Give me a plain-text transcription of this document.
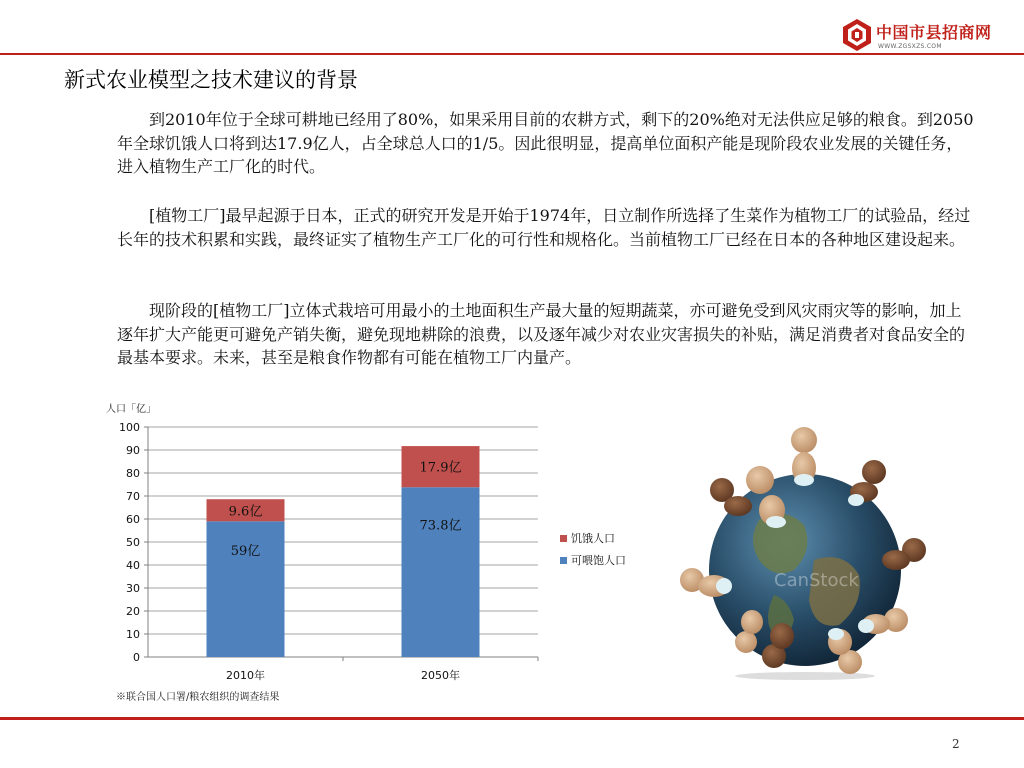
中国市县招商网
WWW.ZGSXZS.COM
新式农业模型之技术建议的背景

到2010年位于全球可耕地已经用了80%，如果采用目前的农耕方式，剩下的20%绝对无法供应足够的粮食。到2050年全球饥饿人口将到达17.9亿人，占全球总人口的1/5。因此很明显，提高单位面积产能是现阶段农业发展的关键任务，进入植物生产工厂化的时代。

[植物工厂]最早起源于日本，正式的研究开发是开始于1974年，日立制作所选择了生菜作为植物工厂的试验品，经过长年的技术积累和实践，最终证实了植物生产工厂化的可行性和规格化。当前植物工厂已经在日本的各种地区建设起来。

现阶段的[植物工厂]立体式栽培可用最小的土地面积生产最大量的短期蔬菜，亦可避免受到风灾雨灾等的影响，加上逐年扩大产能更可避免产销失衡，避免现地耕除的浪费，以及逐年减少对农业灾害损失的补贴，满足消费者对食品安全的最基本要求。未来，甚至是粮食作物都有可能在植物工厂内量产。

人口「亿」
0
10
20
30
40
50
60
70
80
90
100
59亿
9.6亿
2010年
73.8亿
17.9亿
2050年
饥饿人口
可喂饱人口
※联合国人口署/粮农组织的调查结果
CanStock
2
